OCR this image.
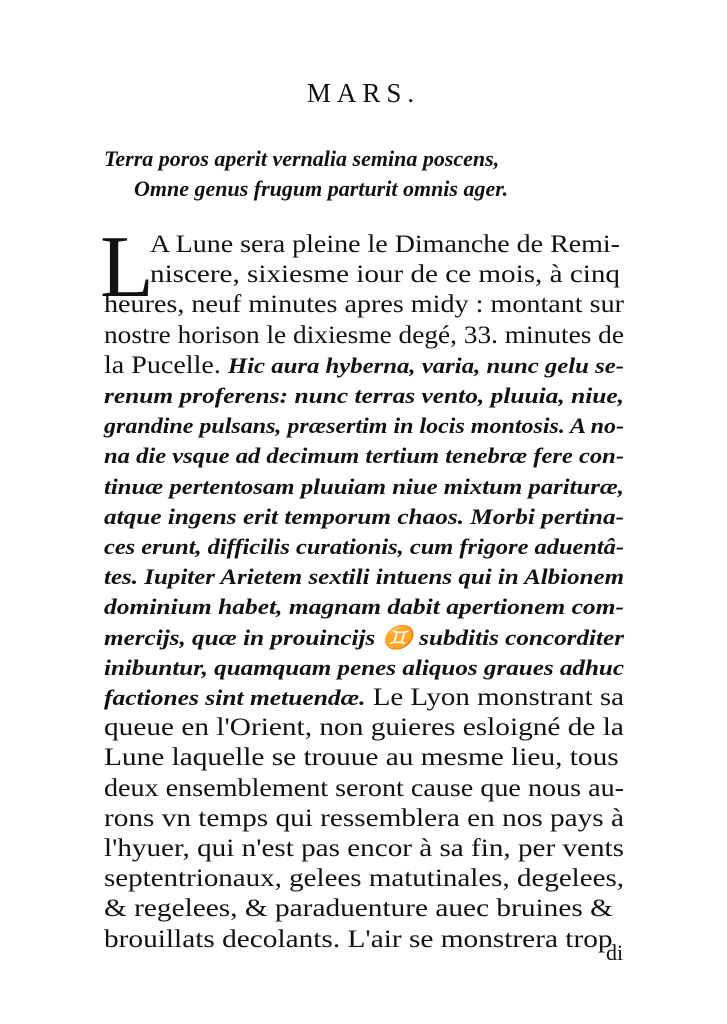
MARS.
Terra poros aperit vernalia semina poscens,
Omne genus frugum parturit omnis ager.
L
A Lune sera pleine le Dimanche de Remi-
niscere, sixiesme iour de ce mois, à cinq
heures, neuf minutes apres midy : montant sur
nostre horison le dixiesme degé, 33. minutes de
la Pucelle. Hic aura hyberna, varia, nunc gelu se-
renum proferens: nunc terras vento, pluuia, niue,
grandine pulsans, præsertim in locis montosis. A no-
na die vsque ad decimum tertium tenebræ fere con-
tinuæ pertentosam pluuiam niue mixtum parituræ,
atque ingens erit temporum chaos. Morbi pertina-
ces erunt, difficilis curationis, cum frigore aduentâ-
tes. Iupiter Arietem sextili intuens qui in Albionem
dominium habet, magnam dabit apertionem com-
mercijs, quæ in prouincijs ♊ subditis concorditer
inibuntur, quamquam penes aliquos graues adhuc
factiones sint metuendæ. Le Lyon monstrant sa
queue en l'Orient, non guieres esloigné de la
Lune laquelle se trouue au mesme lieu, tous
deux ensemblement seront cause que nous au-
rons vn temps qui ressemblera en nos pays à
l'hyuer, qui n'est pas encor à sa fin, per vents
septentrionaux, gelees matutinales, degelees,
& regelees, & paraduenture auec bruines &
brouillats decolants. L'air se monstrera trop
di
